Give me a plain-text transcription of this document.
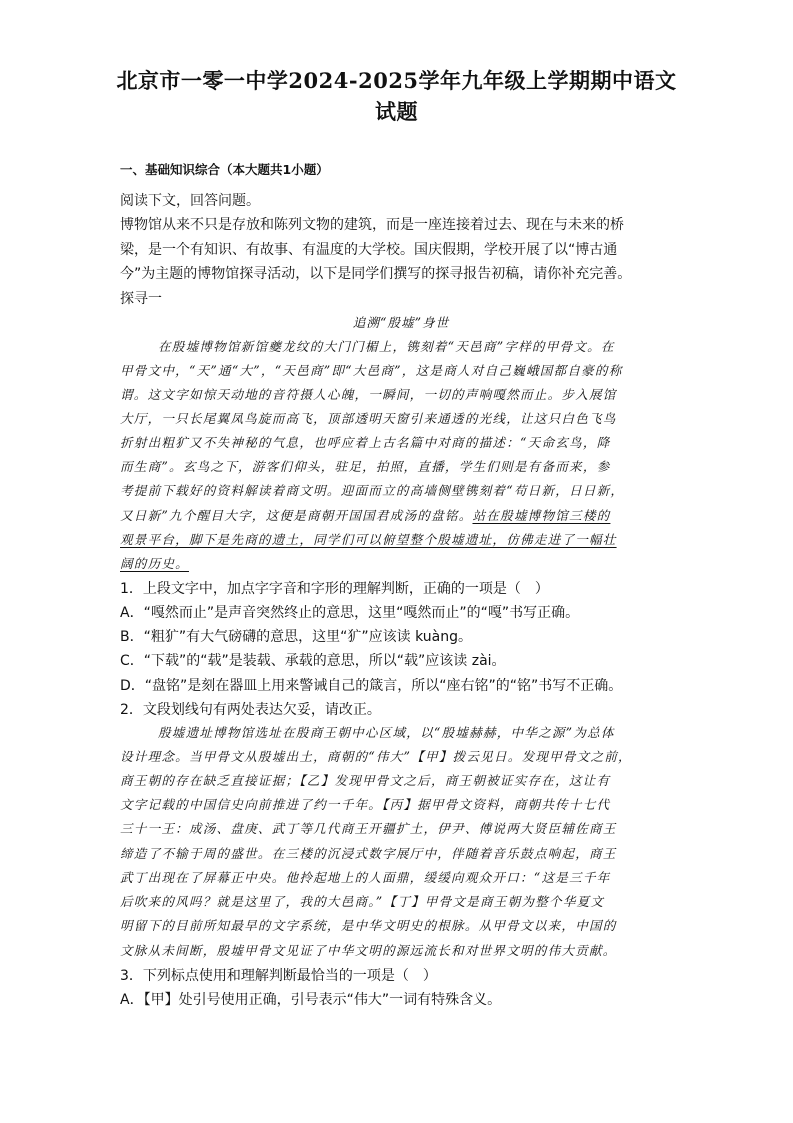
北京市一零一中学2024-2025学年九年级上学期期中语文
试题
一、基础知识综合（本大题共1小题）
阅读下文，回答问题。
博物馆从来不只是存放和陈列文物的建筑，而是一座连接着过去、现在与未来的桥
梁，是一个有知识、有故事、有温度的大学校。国庆假期，学校开展了以“博古通
今”为主题的博物馆探寻活动，以下是同学们撰写的探寻报告初稿，请你补充完善。
探寻一
追溯“殷墟”身世
在殷墟博物馆新馆夔龙纹的大门门楣上，镌刻着“天邑商”字样的甲骨文。在
甲骨文中，“天”通“大”，“天邑商”即“大邑商”，这是商人对自己巍峨国都自豪的称
谓。这文字如惊天动地的音符摄人心魄，一瞬间，一切的声响嘎然而止。步入展馆
大厅，一只长尾翼凤鸟旋而高飞，顶部透明天窗引来通透的光线，让这只白色飞鸟
折射出粗犷又不失神秘的气息，也呼应着上古名篇中对商的描述：“天命玄鸟，降
而生商”。玄鸟之下，游客们仰头，驻足，拍照，直播，学生们则是有备而来，参
考提前下载好的资料解读着商文明。迎面而立的高墙侧壁镌刻着“苟日新，日日新，
又日新”九个醒目大字，这便是商朝开国国君成汤的盘铭。站在殷墟博物馆三楼的
观景平台，脚下是先商的遗土，同学们可以俯望整个殷墟遗址，仿佛走进了一幅壮
阔的历史。
1．上段文字中，加点字字音和字形的理解判断，正确的一项是（　）
A．“嘎然而止”是声音突然终止的意思，这里“嘎然而止”的“嘎”书写正确。
B．“粗犷”有大气磅礴的意思，这里“犷”应该读 kuàng。
C．“下载”的“载”是装载、承载的意思，所以“载”应该读 zài。
D．“盘铭”是刻在器皿上用来警诫自己的箴言，所以“座右铭”的“铭”书写不正确。
2．文段划线句有两处表达欠妥，请改正。
殷墟遗址博物馆选址在殷商王朝中心区域，以“殷墟赫赫，中华之源”为总体
设计理念。当甲骨文从殷墟出土，商朝的“伟大”【甲】拨云见日。发现甲骨文之前，
商王朝的存在缺乏直接证据；【乙】发现甲骨文之后，商王朝被证实存在，这让有
文字记载的中国信史向前推进了约一千年。【丙】据甲骨文资料，商朝共传十七代
三十一王：成汤、盘庚、武丁等几代商王开疆扩土，伊尹、傅说两大贤臣辅佐商王
缔造了不输于周的盛世。在三楼的沉浸式数字展厅中，伴随着音乐鼓点响起，商王
武丁出现在了屏幕正中央。他拎起地上的人面鼎，缓缓向观众开口：“这是三千年
后吹来的风吗？就是这里了，我的大邑商。”【丁】甲骨文是商王朝为整个华夏文
明留下的目前所知最早的文字系统，是中华文明史的根脉。从甲骨文以来，中国的
文脉从未间断，殷墟甲骨文见证了中华文明的源远流长和对世界文明的伟大贡献。
3．下列标点使用和理解判断最恰当的一项是（　）
A．【甲】处引号使用正确，引号表示“伟大”一词有特殊含义。
